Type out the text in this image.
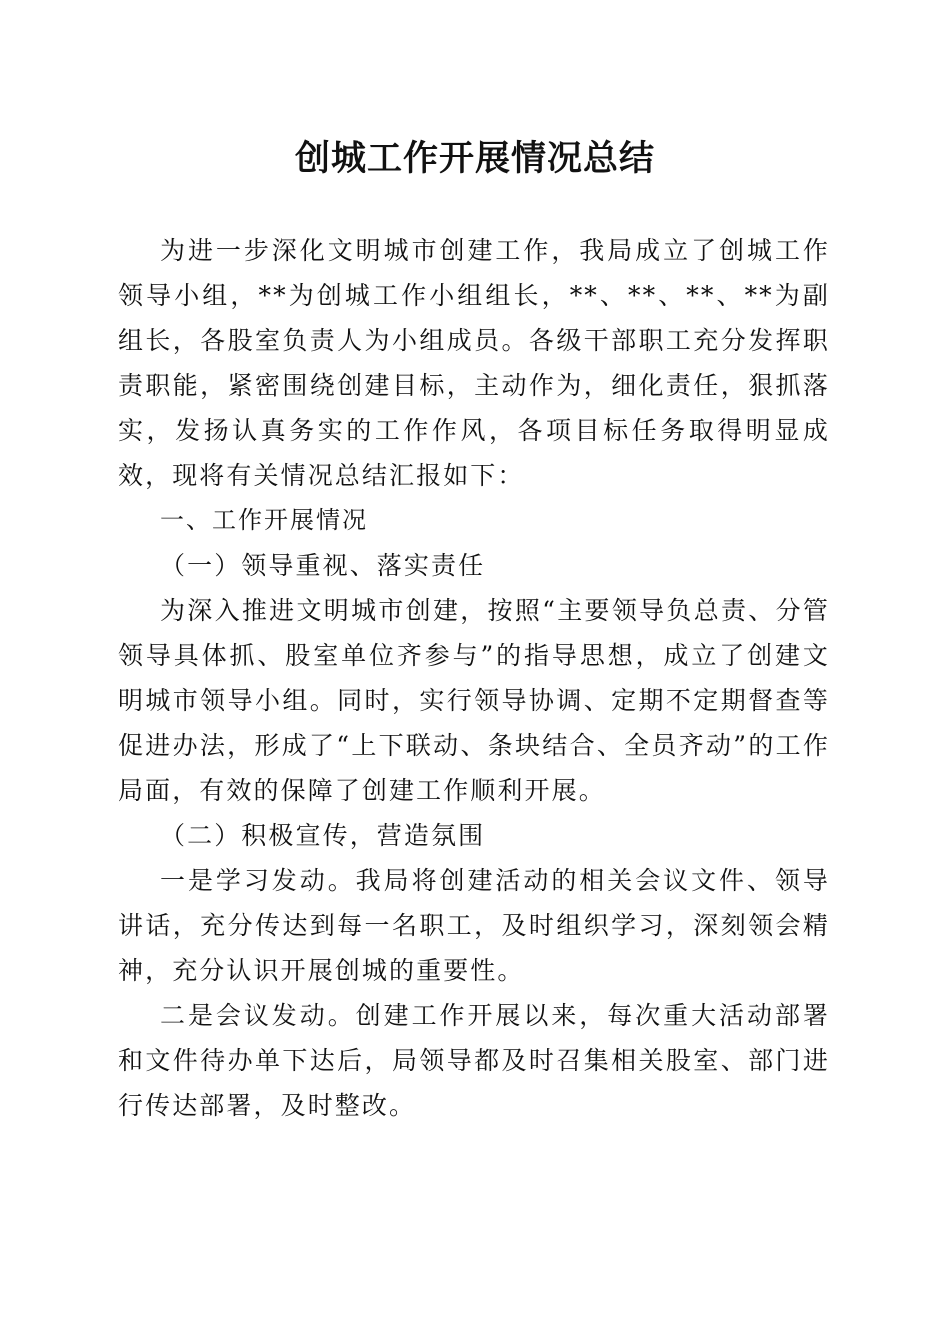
创城工作开展情况总结

为进一步深化文明城市创建工作，我局成立了创城工作领导小组，**为创城工作小组组长，**、**、**、**为副组长，各股室负责人为小组成员。各级干部职工充分发挥职责职能，紧密围绕创建目标，主动作为，细化责任，狠抓落实，发扬认真务实的工作作风，各项目标任务取得明显成效，现将有关情况总结汇报如下：

一、工作开展情况

（一）领导重视、落实责任

为深入推进文明城市创建，按照“主要领导负总责、分管领导具体抓、股室单位齐参与”的指导思想，成立了创建文明城市领导小组。同时，实行领导协调、定期不定期督查等促进办法，形成了“上下联动、条块结合、全员齐动”的工作局面，有效的保障了创建工作顺利开展。

（二）积极宣传，营造氛围

一是学习发动。我局将创建活动的相关会议文件、领导讲话，充分传达到每一名职工，及时组织学习，深刻领会精神，充分认识开展创城的重要性。

二是会议发动。创建工作开展以来，每次重大活动部署和文件待办单下达后，局领导都及时召集相关股室、部门进行传达部署，及时整改。
